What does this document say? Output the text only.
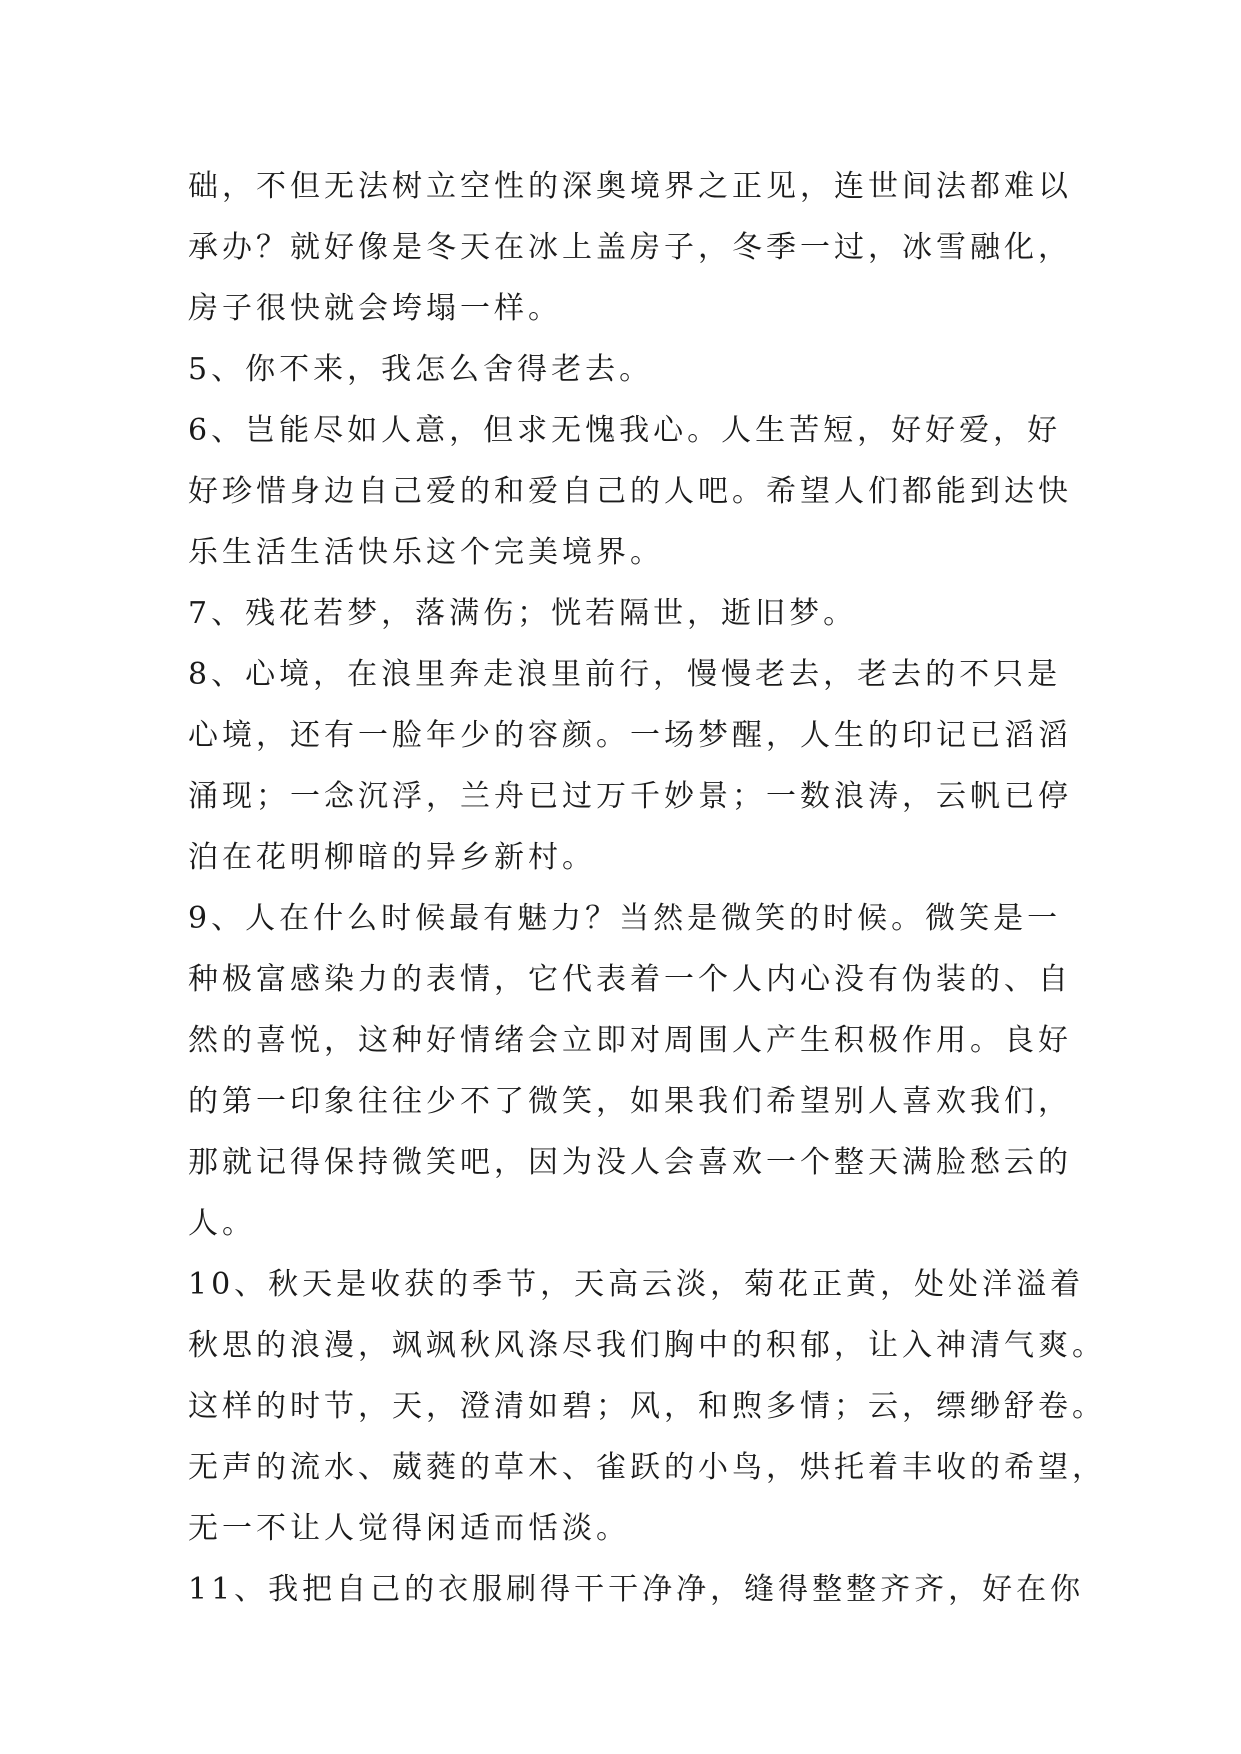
础，不但无法树立空性的深奥境界之正见，连世间法都难以
承办？就好像是冬天在冰上盖房子，冬季一过，冰雪融化，
房子很快就会垮塌一样。

5、你不来，我怎么舍得老去。

6、岂能尽如人意，但求无愧我心。人生苦短，好好爱，好
好珍惜身边自己爱的和爱自己的人吧。希望人们都能到达快
乐生活生活快乐这个完美境界。

7、残花若梦，落满伤；恍若隔世，逝旧梦。

8、心境，在浪里奔走浪里前行，慢慢老去，老去的不只是
心境，还有一脸年少的容颜。一场梦醒，人生的印记已滔滔
涌现；一念沉浮，兰舟已过万千妙景；一数浪涛，云帆已停
泊在花明柳暗的异乡新村。

9、人在什么时候最有魅力？当然是微笑的时候。微笑是一
种极富感染力的表情，它代表着一个人内心没有伪装的、自
然的喜悦，这种好情绪会立即对周围人产生积极作用。良好
的第一印象往往少不了微笑，如果我们希望别人喜欢我们，
那就记得保持微笑吧，因为没人会喜欢一个整天满脸愁云的
人。

10、秋天是收获的季节，天高云淡，菊花正黄，处处洋溢着
秋思的浪漫，飒飒秋风涤尽我们胸中的积郁，让入神清气爽。
这样的时节，天，澄清如碧；风，和煦多情；云，缥缈舒卷。
无声的流水、葳蕤的草木、雀跃的小鸟，烘托着丰收的希望，
无一不让人觉得闲适而恬淡。

11、我把自己的衣服刷得干干净净，缝得整整齐齐，好在你
